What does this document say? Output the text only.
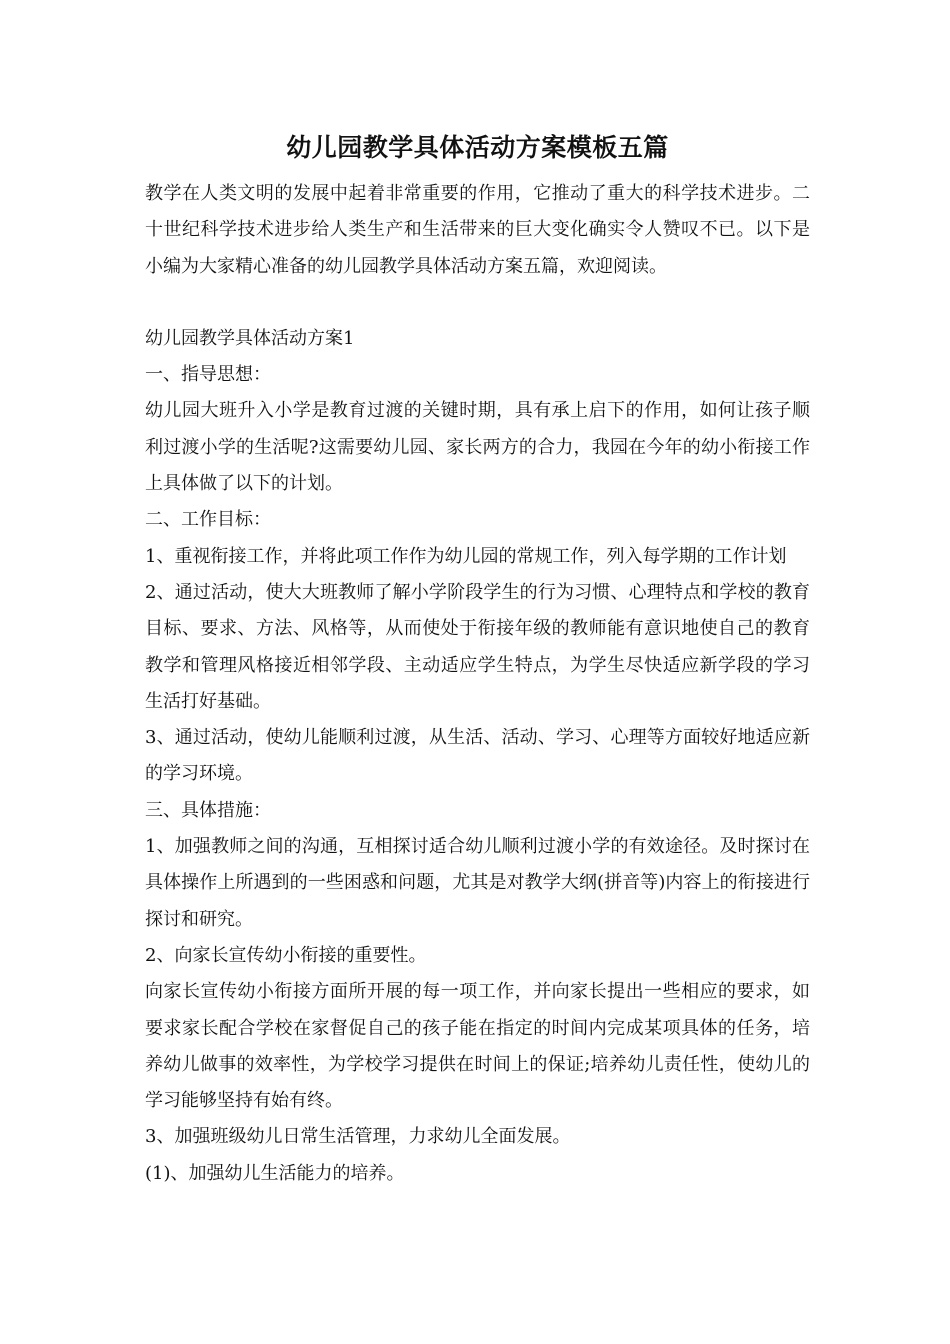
幼儿园教学具体活动方案模板五篇

教学在人类文明的发展中起着非常重要的作用，它推动了重大的科学技术进步。二十世纪科学技术进步给人类生产和生活带来的巨大变化确实令人赞叹不已。以下是小编为大家精心准备的幼儿园教学具体活动方案五篇，欢迎阅读。

幼儿园教学具体活动方案1

一、指导思想：

幼儿园大班升入小学是教育过渡的关键时期，具有承上启下的作用，如何让孩子顺利过渡小学的生活呢?这需要幼儿园、家长两方的合力，我园在今年的幼小衔接工作上具体做了以下的计划。

二、工作目标：

1、重视衔接工作，并将此项工作作为幼儿园的常规工作，列入每学期的工作计划

2、通过活动，使大大班教师了解小学阶段学生的行为习惯、心理特点和学校的教育目标、要求、方法、风格等，从而使处于衔接年级的教师能有意识地使自己的教育教学和管理风格接近相邻学段、主动适应学生特点，为学生尽快适应新学段的学习生活打好基础。

3、通过活动，使幼儿能顺利过渡，从生活、活动、学习、心理等方面较好地适应新的学习环境。

三、具体措施：

1、加强教师之间的沟通，互相探讨适合幼儿顺利过渡小学的有效途径。及时探讨在具体操作上所遇到的一些困惑和问题，尤其是对教学大纲(拼音等)内容上的衔接进行探讨和研究。

2、向家长宣传幼小衔接的重要性。

向家长宣传幼小衔接方面所开展的每一项工作，并向家长提出一些相应的要求，如要求家长配合学校在家督促自己的孩子能在指定的时间内完成某项具体的任务，培养幼儿做事的效率性，为学校学习提供在时间上的保证;培养幼儿责任性，使幼儿的学习能够坚持有始有终。

3、加强班级幼儿日常生活管理，力求幼儿全面发展。

(1)、加强幼儿生活能力的培养。
